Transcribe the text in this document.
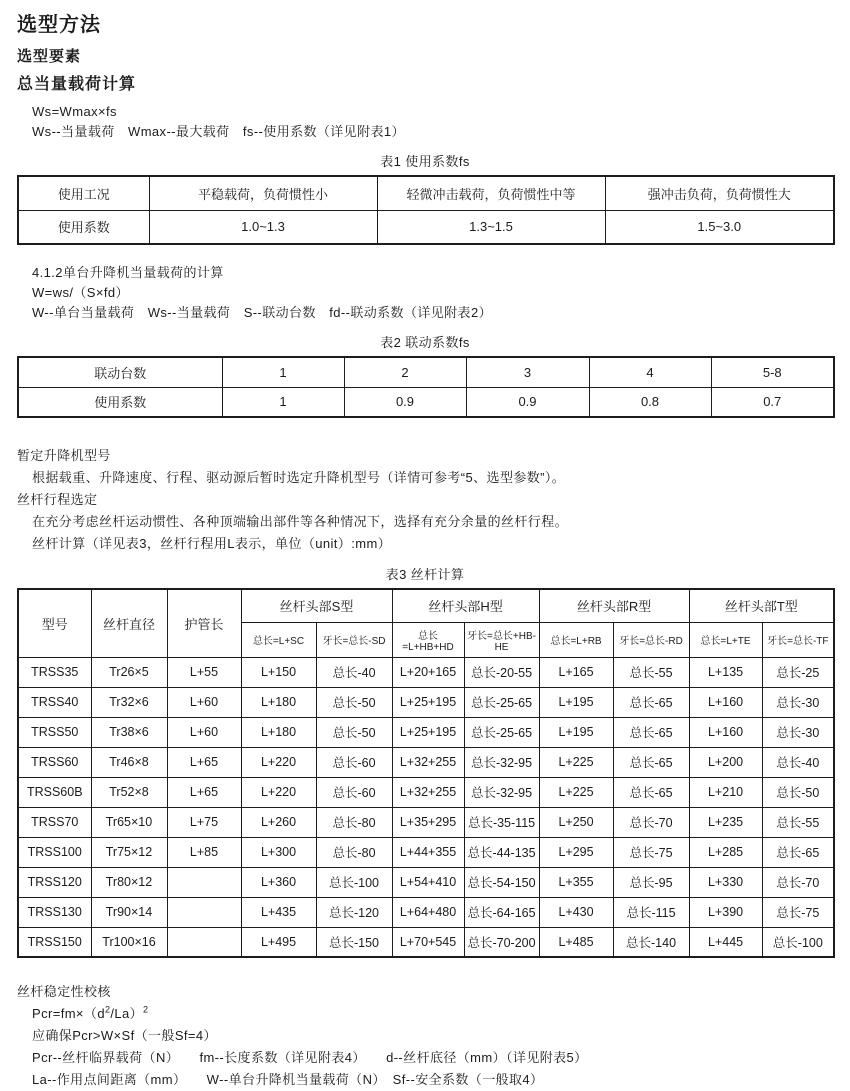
选型方法
选型要素
总当量载荷计算

Ws=Wmax×fs

Ws--当量载荷　Wmax--最大载荷　fs--使用系数（详见附表1）

表1 使用系数fs
使用工况	平稳载荷，负荷惯性小	轻微冲击载荷，负荷惯性中等	强冲击负荷，负荷惯性大
使用系数	1.0~1.3	1.3~1.5	1.5~3.0

4.1.2单台升降机当量载荷的计算

W=ws/（S×fd）

W--单台当量载荷　Ws--当量载荷　S--联动台数　fd--联动系数（详见附表2）

表2 联动系数fs
联动台数	1	2	3	4	5-8
使用系数	1	0.9	0.9	0.8	0.7

暂定升降机型号

根据载重、升降速度、行程、驱动源后暂时选定升降机型号（详情可参考“5、选型参数”）。

丝杆行程选定

在充分考虑丝杆运动惯性、各种顶端输出部件等各种情况下，选择有充分余量的丝杆行程。

丝杆计算（详见表3，丝杆行程用L表示，单位（unit）:mm）

表3 丝杆计算
型号	丝杆直径	护管长	丝杆头部S型		丝杆头部H型		丝杆头部R型		丝杆头部T型	
			总长=L+SC	牙长=总长-SD	总长=L+HB+HD	牙长=总长+HB-HE	总长=L+RB	牙长=总长-RD	总长=L+TE	牙长=总长-TF
TRSS35	Tr26×5	L+55	L+150	总长-40	L+20+165	总长-20-55	L+165	总长-55	L+135	总长-25
TRSS40	Tr32×6	L+60	L+180	总长-50	L+25+195	总长-25-65	L+195	总长-65	L+160	总长-30
TRSS50	Tr38×6	L+60	L+180	总长-50	L+25+195	总长-25-65	L+195	总长-65	L+160	总长-30
TRSS60	Tr46×8	L+65	L+220	总长-60	L+32+255	总长-32-95	L+225	总长-65	L+200	总长-40
TRSS60B	Tr52×8	L+65	L+220	总长-60	L+32+255	总长-32-95	L+225	总长-65	L+210	总长-50
TRSS70	Tr65×10	L+75	L+260	总长-80	L+35+295	总长-35-115	L+250	总长-70	L+235	总长-55
TRSS100	Tr75×12	L+85	L+300	总长-80	L+44+355	总长-44-135	L+295	总长-75	L+285	总长-65
TRSS120	Tr80×12		L+360	总长-100	L+54+410	总长-54-150	L+355	总长-95	L+330	总长-70
TRSS130	Tr90×14		L+435	总长-120	L+64+480	总长-64-165	L+430	总长-115	L+390	总长-75
TRSS150	Tr100×16		L+495	总长-150	L+70+545	总长-70-200	L+485	总长-140	L+445	总长-100

丝杆稳定性校核

$Pcr=fm\times(d^2/La)^2$

应确保Pcr>W×Sf（一般Sf=4）

Pcr--丝杆临界载荷（N）　　fm--长度系数（详见附表4）　　d--丝杆底径（mm）（详见附表5）

La--作用点间距离（mm）　　W--单台升降机当量载荷（N）　Sf--安全系数（一般取4）
